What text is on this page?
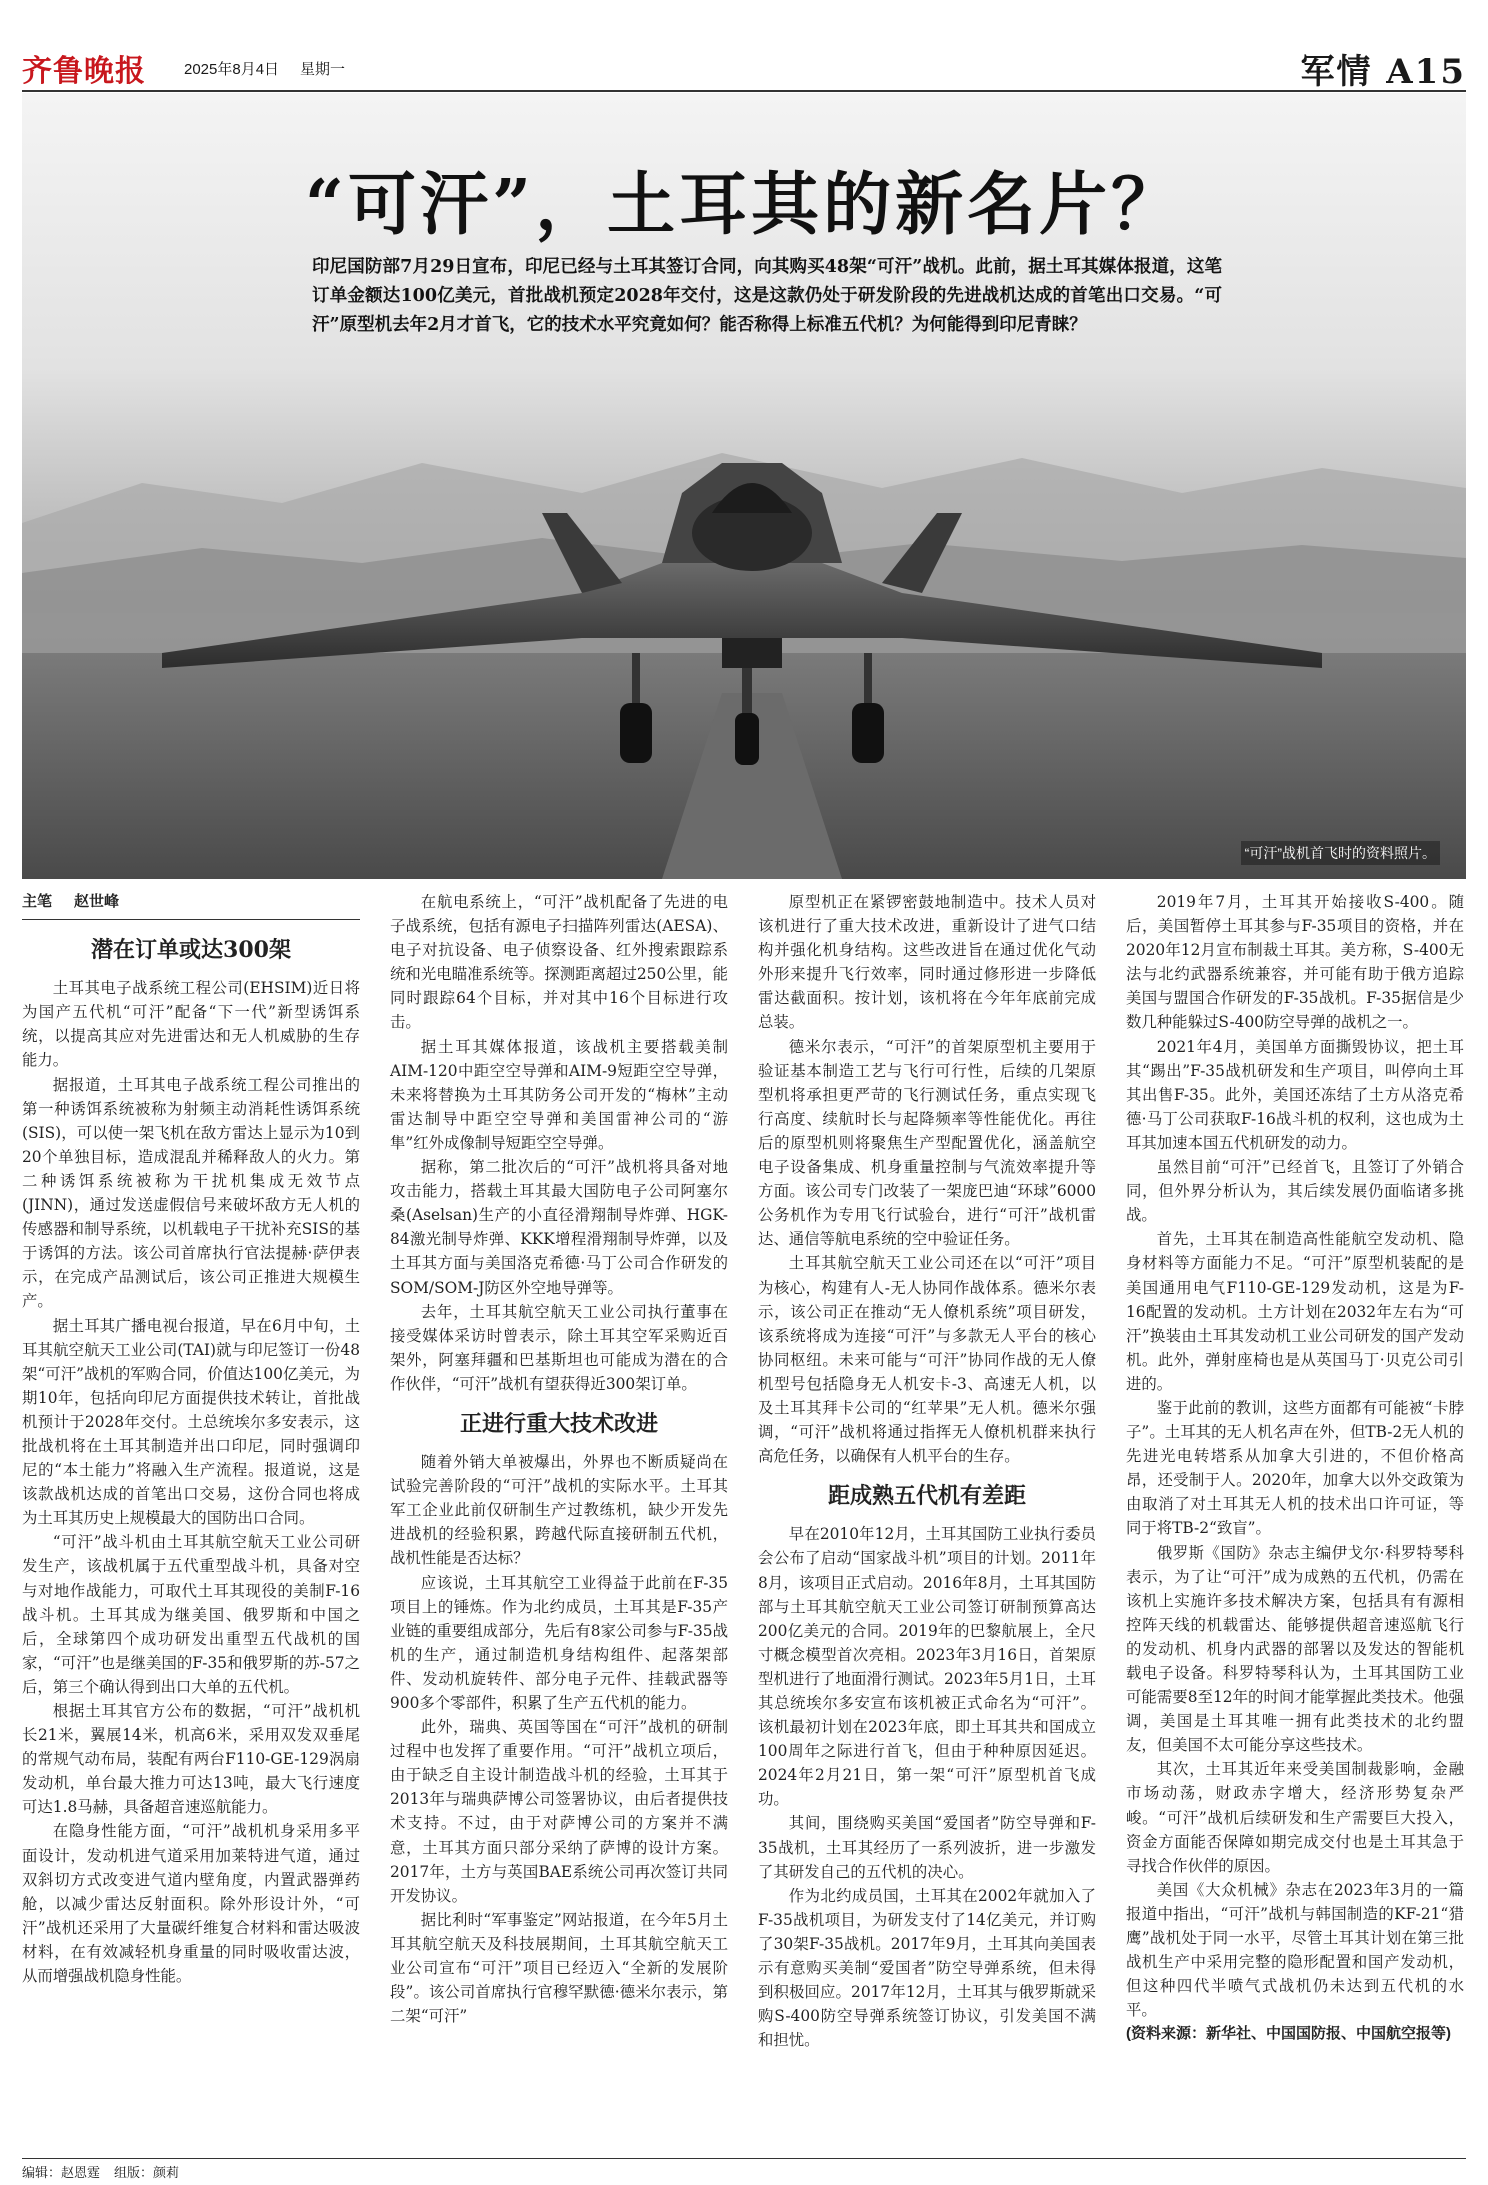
齐鲁晚报	2025年8月4日 星期一	军情 A15
“可汗”，土耳其的新名片？
印尼国防部7月29日宣布，印尼已经与土耳其签订合同，向其购买48架“可汗”战机。此前，据土耳其媒体报道，这笔订单金额达100亿美元，首批战机预定2028年交付，这是这款仍处于研发阶段的先进战机达成的首笔出口交易。“可汗”原型机去年2月才首飞，它的技术水平究竟如何？能否称得上标准五代机？为何能得到印尼青睐？
“可汗”战机首飞时的资料照片。
主笔 赵世峰
潜在订单或达300架

土耳其电子战系统工程公司(EHSIM)近日将为国产五代机“可汗”配备“下一代”新型诱饵系统，以提高其应对先进雷达和无人机威胁的生存能力。

据报道，土耳其电子战系统工程公司推出的第一种诱饵系统被称为射频主动消耗性诱饵系统(SIS)，可以使一架飞机在敌方雷达上显示为10到20个单独目标，造成混乱并稀释敌人的火力。第二种诱饵系统被称为干扰机集成无效节点(JINN)，通过发送虚假信号来破坏敌方无人机的传感器和制导系统，以机载电子干扰补充SIS的基于诱饵的方法。该公司首席执行官法提赫·萨伊表示，在完成产品测试后，该公司正推进大规模生产。

据土耳其广播电视台报道，早在6月中旬，土耳其航空航天工业公司(TAI)就与印尼签订一份48架“可汗”战机的军购合同，价值达100亿美元，为期10年，包括向印尼方面提供技术转让，首批战机预计于2028年交付。土总统埃尔多安表示，这批战机将在土耳其制造并出口印尼，同时强调印尼的“本土能力”将融入生产流程。报道说，这是该款战机达成的首笔出口交易，这份合同也将成为土耳其历史上规模最大的国防出口合同。

“可汗”战斗机由土耳其航空航天工业公司研发生产，该战机属于五代重型战斗机，具备对空与对地作战能力，可取代土耳其现役的美制F-16战斗机。土耳其成为继美国、俄罗斯和中国之后，全球第四个成功研发出重型五代战机的国家，“可汗”也是继美国的F-35和俄罗斯的苏-57之后，第三个确认得到出口大单的五代机。

根据土耳其官方公布的数据，“可汗”战机机长21米，翼展14米，机高6米，采用双发双垂尾的常规气动布局，装配有两台F110-GE-129涡扇发动机，单台最大推力可达13吨，最大飞行速度可达1.8马赫，具备超音速巡航能力。

在隐身性能方面，“可汗”战机机身采用多平面设计，发动机进气道采用加莱特进气道，通过双斜切方式改变进气道内壁角度，内置武器弹药舱，以减少雷达反射面积。除外形设计外，“可汗”战机还采用了大量碳纤维复合材料和雷达吸波材料，在有效减轻机身重量的同时吸收雷达波，从而增强战机隐身性能。

在航电系统上，“可汗”战机配备了先进的电子战系统，包括有源电子扫描阵列雷达(AESA)、电子对抗设备、电子侦察设备、红外搜索跟踪系统和光电瞄准系统等。探测距离超过250公里，能同时跟踪64个目标，并对其中16个目标进行攻击。

据土耳其媒体报道，该战机主要搭载美制AIM-120中距空空导弹和AIM-9短距空空导弹，未来将替换为土耳其防务公司开发的“梅林”主动雷达制导中距空空导弹和美国雷神公司的“游隼”红外成像制导短距空空导弹。

据称，第二批次后的“可汗”战机将具备对地攻击能力，搭载土耳其最大国防电子公司阿塞尔桑(Aselsan)生产的小直径滑翔制导炸弹、HGK-84激光制导炸弹、KKK增程滑翔制导炸弹，以及土耳其方面与美国洛克希德·马丁公司合作研发的SOM/SOM-J防区外空地导弹等。

去年，土耳其航空航天工业公司执行董事在接受媒体采访时曾表示，除土耳其空军采购近百架外，阿塞拜疆和巴基斯坦也可能成为潜在的合作伙伴，“可汗”战机有望获得近300架订单。

正进行重大技术改进

随着外销大单被爆出，外界也不断质疑尚在试验完善阶段的“可汗”战机的实际水平。土耳其军工企业此前仅研制生产过教练机，缺少开发先进战机的经验积累，跨越代际直接研制五代机，战机性能是否达标？

应该说，土耳其航空工业得益于此前在F-35项目上的锤炼。作为北约成员，土耳其是F-35产业链的重要组成部分，先后有8家公司参与F-35战机的生产，通过制造机身结构组件、起落架部件、发动机旋转件、部分电子元件、挂载武器等900多个零部件，积累了生产五代机的能力。

此外，瑞典、英国等国在“可汗”战机的研制过程中也发挥了重要作用。“可汗”战机立项后，由于缺乏自主设计制造战斗机的经验，土耳其于2013年与瑞典萨博公司签署协议，由后者提供技术支持。不过，由于对萨博公司的方案并不满意，土耳其方面只部分采纳了萨博的设计方案。2017年，土方与英国BAE系统公司再次签订共同开发协议。

据比利时“军事鉴定”网站报道，在今年5月土耳其航空航天及科技展期间，土耳其航空航天工业公司宣布“可汗”项目已经迈入“全新的发展阶段”。该公司首席执行官穆罕默德·德米尔表示，第二架“可汗”

原型机正在紧锣密鼓地制造中。技术人员对该机进行了重大技术改进，重新设计了进气口结构并强化机身结构。这些改进旨在通过优化气动外形来提升飞行效率，同时通过修形进一步降低雷达截面积。按计划，该机将在今年年底前完成总装。

德米尔表示，“可汗”的首架原型机主要用于验证基本制造工艺与飞行可行性，后续的几架原型机将承担更严苛的飞行测试任务，重点实现飞行高度、续航时长与起降频率等性能优化。再往后的原型机则将聚焦生产型配置优化，涵盖航空电子设备集成、机身重量控制与气流效率提升等方面。该公司专门改装了一架庞巴迪“环球”6000公务机作为专用飞行试验台，进行“可汗”战机雷达、通信等航电系统的空中验证任务。

土耳其航空航天工业公司还在以“可汗”项目为核心，构建有人-无人协同作战体系。德米尔表示，该公司正在推动“无人僚机系统”项目研发，该系统将成为连接“可汗”与多款无人平台的核心协同枢纽。未来可能与“可汗”协同作战的无人僚机型号包括隐身无人机安卡-3、高速无人机，以及土耳其拜卡公司的“红苹果”无人机。德米尔强调，“可汗”战机将通过指挥无人僚机机群来执行高危任务，以确保有人机平台的生存。

距成熟五代机有差距

早在2010年12月，土耳其国防工业执行委员会公布了启动“国家战斗机”项目的计划。2011年8月，该项目正式启动。2016年8月，土耳其国防部与土耳其航空航天工业公司签订研制预算高达200亿美元的合同。2019年的巴黎航展上，全尺寸概念模型首次亮相。2023年3月16日，首架原型机进行了地面滑行测试。2023年5月1日，土耳其总统埃尔多安宣布该机被正式命名为“可汗”。该机最初计划在2023年底，即土耳其共和国成立100周年之际进行首飞，但由于种种原因延迟。2024年2月21日，第一架“可汗”原型机首飞成功。

其间，围绕购买美国“爱国者”防空导弹和F-35战机，土耳其经历了一系列波折，进一步激发了其研发自己的五代机的决心。

作为北约成员国，土耳其在2002年就加入了F-35战机项目，为研发支付了14亿美元，并订购了30架F-35战机。2017年9月，土耳其向美国表示有意购买美制“爱国者”防空导弹系统，但未得到积极回应。2017年12月，土耳其与俄罗斯就采购S-400防空导弹系统签订协议，引发美国不满和担忧。

2019年7月，土耳其开始接收S-400。随后，美国暂停土耳其参与F-35项目的资格，并在2020年12月宣布制裁土耳其。美方称，S-400无法与北约武器系统兼容，并可能有助于俄方追踪美国与盟国合作研发的F-35战机。F-35据信是少数几种能躲过S-400防空导弹的战机之一。

2021年4月，美国单方面撕毁协议，把土耳其“踢出”F-35战机研发和生产项目，叫停向土耳其出售F-35。此外，美国还冻结了土方从洛克希德·马丁公司获取F-16战斗机的权利，这也成为土耳其加速本国五代机研发的动力。

虽然目前“可汗”已经首飞，且签订了外销合同，但外界分析认为，其后续发展仍面临诸多挑战。

首先，土耳其在制造高性能航空发动机、隐身材料等方面能力不足。“可汗”原型机装配的是美国通用电气F110-GE-129发动机，这是为F-16配置的发动机。土方计划在2032年左右为“可汗”换装由土耳其发动机工业公司研发的国产发动机。此外，弹射座椅也是从英国马丁·贝克公司引进的。

鉴于此前的教训，这些方面都有可能被“卡脖子”。土耳其的无人机名声在外，但TB-2无人机的先进光电转塔系从加拿大引进的，不但价格高昂，还受制于人。2020年，加拿大以外交政策为由取消了对土耳其无人机的技术出口许可证，等同于将TB-2“致盲”。

俄罗斯《国防》杂志主编伊戈尔·科罗特琴科表示，为了让“可汗”成为成熟的五代机，仍需在该机上实施许多技术解决方案，包括具有有源相控阵天线的机载雷达、能够提供超音速巡航飞行的发动机、机身内武器的部署以及发达的智能机载电子设备。科罗特琴科认为，土耳其国防工业可能需要8至12年的时间才能掌握此类技术。他强调，美国是土耳其唯一拥有此类技术的北约盟友，但美国不太可能分享这些技术。

其次，土耳其近年来受美国制裁影响，金融市场动荡，财政赤字增大，经济形势复杂严峻。“可汗”战机后续研发和生产需要巨大投入，资金方面能否保障如期完成交付也是土耳其急于寻找合作伙伴的原因。

美国《大众机械》杂志在2023年3月的一篇报道中指出，“可汗”战机与韩国制造的KF-21“猎鹰”战机处于同一水平，尽管土耳其计划在第三批战机生产中采用完整的隐形配置和国产发动机，但这种四代半喷气式战机仍未达到五代机的水平。

(资料来源：新华社、中国国防报、中国航空报等)
编辑：赵恩霆 组版：颜莉
